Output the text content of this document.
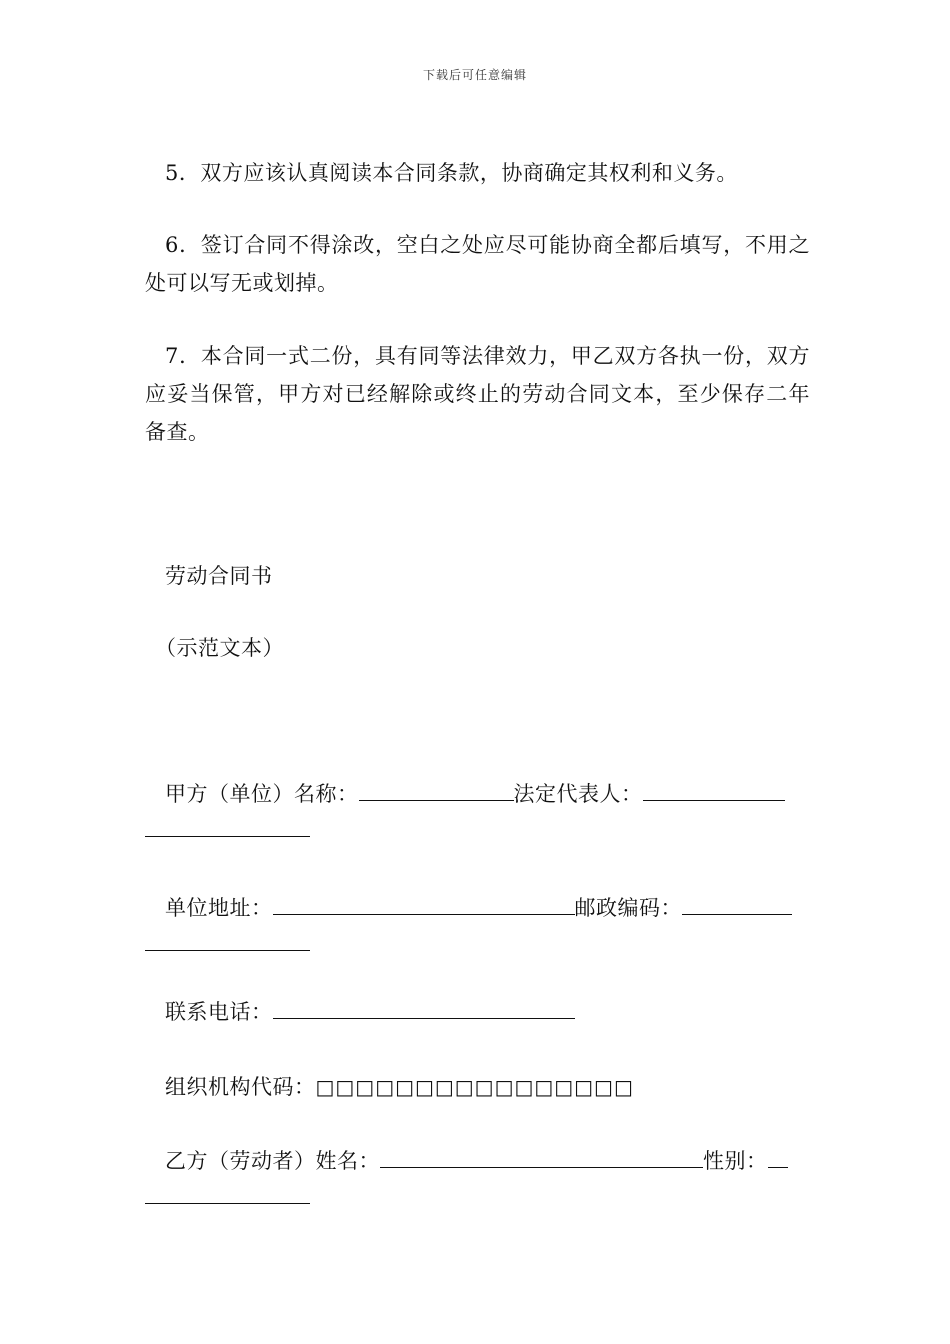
下载后可任意编辑
5．双方应该认真阅读本合同条款，协商确定其权利和义务。
6．签订合同不得涂改，空白之处应尽可能协商全都后填写，不用之处可以写无或划掉。
7．本合同一式二份，具有同等法律效力，甲乙双方各执一份，双方应妥当保管，甲方对已经解除或终止的劳动合同文本，至少保存二年备查。
劳动合同书
（示范文本）
甲方（单位）名称：	法定代表人：
单位地址：	邮政编码：
联系电话：
组织机构代码：□□□□□□□□□□□□□□□□
乙方（劳动者）姓名：	性别：
